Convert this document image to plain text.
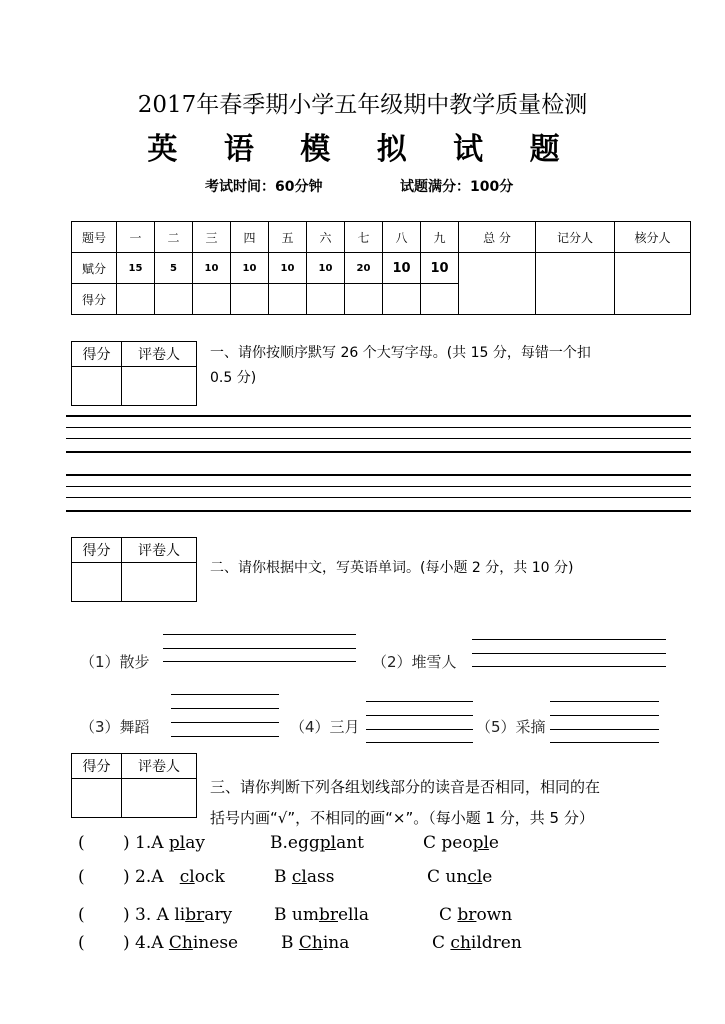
2017年春季期小学五年级期中教学质量检测
英 语 模 拟 试 题
考试时间：60分钟	试题满分：100分
题号	一	二	三	四	五	六	七	八	九	总 分	记分人	核分人
赋分	15	5	10	10	10	10	20	10	10			
得分												
得分	评卷人
	一、请你按顺序默写 26 个大写字母。(共 15 分，每错一个扣
0.5 分)
得分	评卷人

二、请你根据中文，写英语单词。(每小题 2 分，共 10 分)
（1）散步	（2）堆雪人
（3）舞蹈	（4）三月	（5）采摘
得分	评卷人

三、请你判断下列各组划线部分的读音是否相同，相同的在
括号内画“√”，不相同的画“×”。（每小题 1 分，共 5 分）
( ) 1.A play	B.eggplant	C people
( ) 2.A clock	B class	C uncle
( ) 3. A library B umbrella	C brown
( ) 4.A Chinese	B China	C children
